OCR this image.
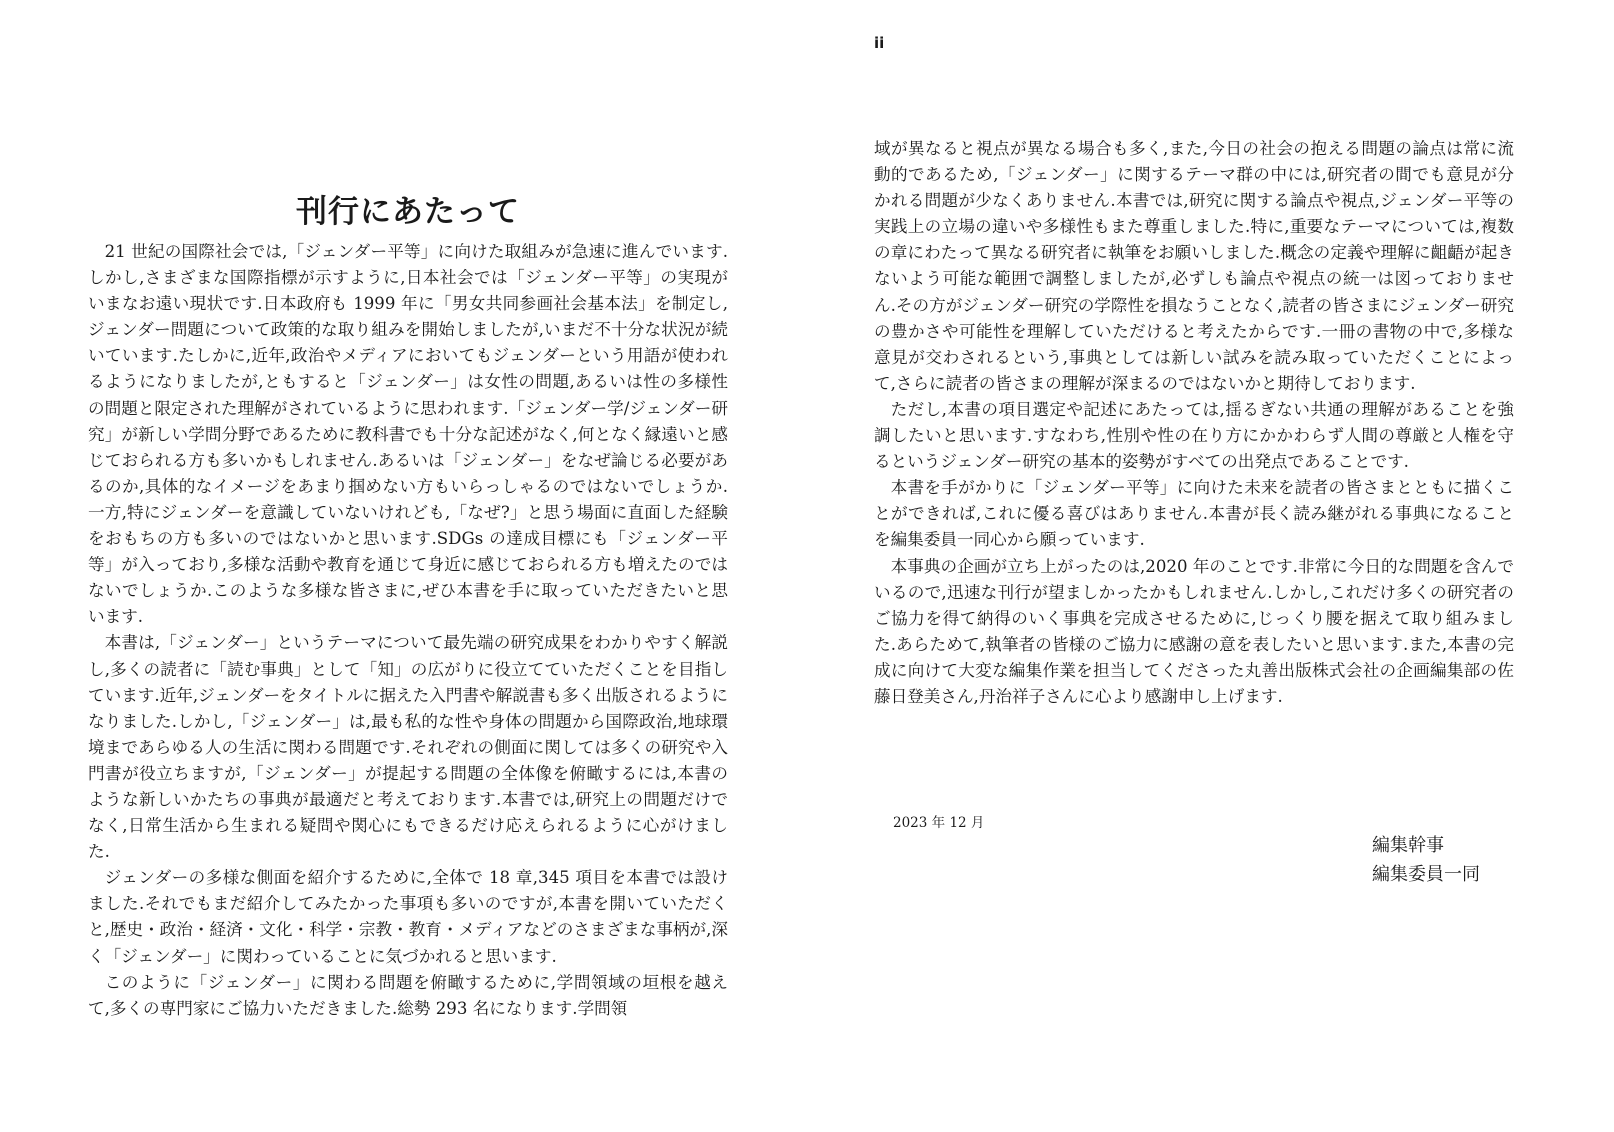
刊行にあたって

21 世紀の国際社会では,「ジェンダー平等」に向けた取組みが急速に進んでいます.しかし,さまざまな国際指標が示すように,日本社会では「ジェンダー平等」の実現がいまなお遠い現状です.日本政府も 1999 年に「男女共同参画社会基本法」を制定し,ジェンダー問題について政策的な取り組みを開始しましたが,いまだ不十分な状況が続いています.たしかに,近年,政治やメディアにおいてもジェンダーという用語が使われるようになりましたが,ともすると「ジェンダー」は女性の問題,あるいは性の多様性の問題と限定された理解がされているように思われます.「ジェンダー学/ジェンダー研究」が新しい学問分野であるために教科書でも十分な記述がなく,何となく縁遠いと感じておられる方も多いかもしれません.あるいは「ジェンダー」をなぜ論じる必要があるのか,具体的なイメージをあまり掴めない方もいらっしゃるのではないでしょうか.一方,特にジェンダーを意識していないけれども,「なぜ?」と思う場面に直面した経験をおもちの方も多いのではないかと思います.SDGs の達成目標にも「ジェンダー平等」が入っており,多様な活動や教育を通じて身近に感じておられる方も増えたのではないでしょうか.このような多様な皆さまに,ぜひ本書を手に取っていただきたいと思います.

本書は,「ジェンダー」というテーマについて最先端の研究成果をわかりやすく解説し,多くの読者に「読む事典」として「知」の広がりに役立てていただくことを目指しています.近年,ジェンダーをタイトルに据えた入門書や解説書も多く出版されるようになりました.しかし,「ジェンダー」は,最も私的な性や身体の問題から国際政治,地球環境まであらゆる人の生活に関わる問題です.それぞれの側面に関しては多くの研究や入門書が役立ちますが,「ジェンダー」が提起する問題の全体像を俯瞰するには,本書のような新しいかたちの事典が最適だと考えております.本書では,研究上の問題だけでなく,日常生活から生まれる疑問や関心にもできるだけ応えられるように心がけました.

ジェンダーの多様な側面を紹介するために,全体で 18 章,345 項目を本書では設けました.それでもまだ紹介してみたかった事項も多いのですが,本書を開いていただくと,歴史・政治・経済・文化・科学・宗教・教育・メディアなどのさまざまな事柄が,深く「ジェンダー」に関わっていることに気づかれると思います.

このように「ジェンダー」に関わる問題を俯瞰するために,学問領域の垣根を越えて,多くの専門家にご協力いただきました.総勢 293 名になります.学問領

ii

域が異なると視点が異なる場合も多く,また,今日の社会の抱える問題の論点は常に流動的であるため,「ジェンダー」に関するテーマ群の中には,研究者の間でも意見が分かれる問題が少なくありません.本書では,研究に関する論点や視点,ジェンダー平等の実践上の立場の違いや多様性もまた尊重しました.特に,重要なテーマについては,複数の章にわたって異なる研究者に執筆をお願いしました.概念の定義や理解に齟齬が起きないよう可能な範囲で調整しましたが,必ずしも論点や視点の統一は図っておりません.その方がジェンダー研究の学際性を損なうことなく,読者の皆さまにジェンダー研究の豊かさや可能性を理解していただけると考えたからです.一冊の書物の中で,多様な意見が交わされるという,事典としては新しい試みを読み取っていただくことによって,さらに読者の皆さまの理解が深まるのではないかと期待しております.

ただし,本書の項目選定や記述にあたっては,揺るぎない共通の理解があることを強調したいと思います.すなわち,性別や性の在り方にかかわらず人間の尊厳と人権を守るというジェンダー研究の基本的姿勢がすべての出発点であることです.

本書を手がかりに「ジェンダー平等」に向けた未来を読者の皆さまとともに描くことができれば,これに優る喜びはありません.本書が長く読み継がれる事典になることを編集委員一同心から願っています.

本事典の企画が立ち上がったのは,2020 年のことです.非常に今日的な問題を含んでいるので,迅速な刊行が望ましかったかもしれません.しかし,これだけ多くの研究者のご協力を得て納得のいく事典を完成させるために,じっくり腰を据えて取り組みました.あらためて,執筆者の皆様のご協力に感謝の意を表したいと思います.また,本書の完成に向けて大変な編集作業を担当してくださった丸善出版株式会社の企画編集部の佐藤日登美さん,丹治祥子さんに心より感謝申し上げます.

2023 年 12 月
編集幹事
編集委員一同
